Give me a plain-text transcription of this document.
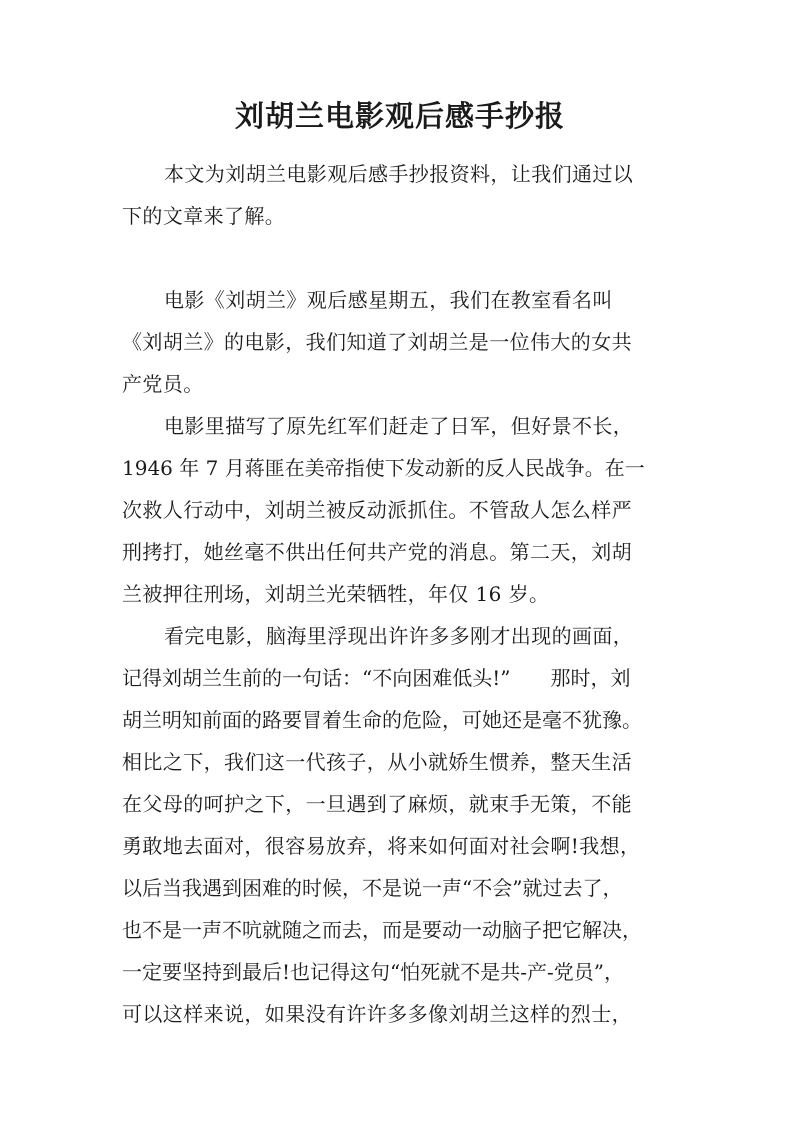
刘胡兰电影观后感手抄报
本文为刘胡兰电影观后感手抄报资料，让我们通过以
下的文章来了解。
电影《刘胡兰》观后感星期五，我们在教室看名叫
《刘胡兰》的电影，我们知道了刘胡兰是一位伟大的女共
产党员。
电影里描写了原先红军们赶走了日军，但好景不长，
1946 年 7 月蒋匪在美帝指使下发动新的反人民战争。在一
次救人行动中，刘胡兰被反动派抓住。不管敌人怎么样严
刑拷打，她丝毫不供出任何共产党的消息。第二天，刘胡
兰被押往刑场，刘胡兰光荣牺牲，年仅 16 岁。
看完电影，脑海里浮现出许许多多刚才出现的画面，
记得刘胡兰生前的一句话：“不向困难低头!”　　那时，刘
胡兰明知前面的路要冒着生命的危险，可她还是毫不犹豫。
相比之下，我们这一代孩子，从小就娇生惯养，整天生活
在父母的呵护之下，一旦遇到了麻烦，就束手无策，不能
勇敢地去面对，很容易放弃，将来如何面对社会啊!我想，
以后当我遇到困难的时候，不是说一声“不会”就过去了，
也不是一声不吭就随之而去，而是要动一动脑子把它解决，
一定要坚持到最后!也记得这句“怕死就不是共-产-党员”，
可以这样来说，如果没有许许多多像刘胡兰这样的烈士，
